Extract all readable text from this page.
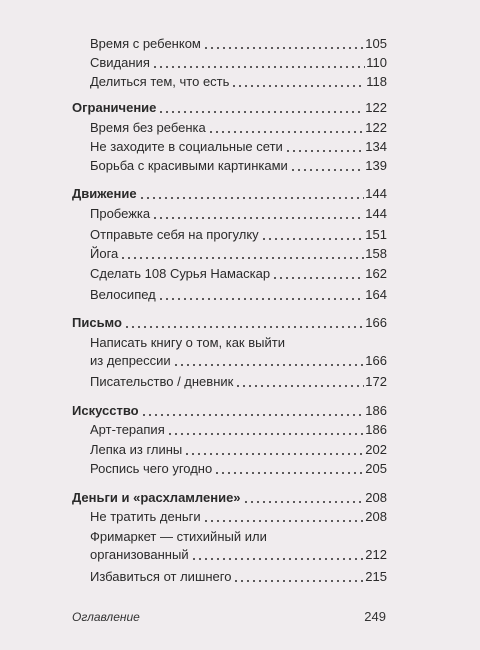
Время с ребенком	105
Свидания	110
Делиться тем, что есть	118
Ограничение	122
Время без ребенка	122
Не заходите в социальные сети	134
Борьба с красивыми картинками	139
Движение	144
Пробежка	144
Отправьте себя на прогулку	151
Йога	158
Сделать 108 Сурья Намаскар	162
Велосипед	164
Письмо	166
Написать книгу о том, как выйти
из депрессии	166
Писательство / дневник	172
Искусство	186
Арт-терапия	186
Лепка из глины	202
Роспись чего угодно	205
Деньги и «расхламление»	208
Не тратить деньги	208
Фримаркет — стихийный или
организованный	212
Избавиться от лишнего	215
Оглавление	249
